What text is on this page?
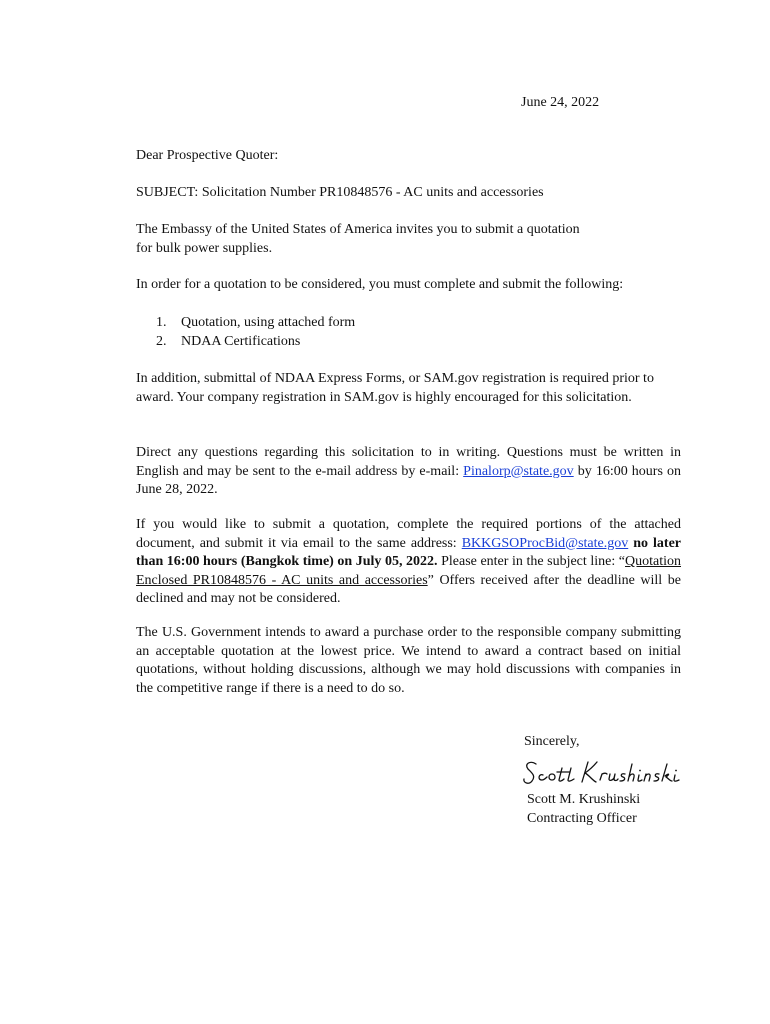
June 24, 2022

Dear Prospective Quoter:

SUBJECT: Solicitation Number PR10848576 - AC units and accessories

The Embassy of the United States of America invites you to submit a quotation
for bulk power supplies.

In order for a quotation to be considered, you must complete and submit the following:

1.	Quotation, using attached form
2.	NDAA Certifications

In addition, submittal of NDAA Express Forms, or SAM.gov registration is required prior to award. Your company registration in SAM.gov is highly encouraged for this solicitation.

Direct any questions regarding this solicitation to in writing. Questions must be written in English and may be sent to the e-mail address by e-mail: Pinalorp@state.gov by 16:00 hours on June 28, 2022.

If you would like to submit a quotation, complete the required portions of the attached document, and submit it via email to the same address: BKKGSOProcBid@state.gov no later than 16:00 hours (Bangkok time) on July 05, 2022. Please enter in the subject line: “Quotation Enclosed PR10848576 - AC units and accessories” Offers received after the deadline will be declined and may not be considered.

The U.S. Government intends to award a purchase order to the responsible company submitting an acceptable quotation at the lowest price. We intend to award a contract based on initial quotations, without holding discussions, although we may hold discussions with companies in the competitive range if there is a need to do so.

Sincerely,

Scott M. Krushinski

Contracting Officer
